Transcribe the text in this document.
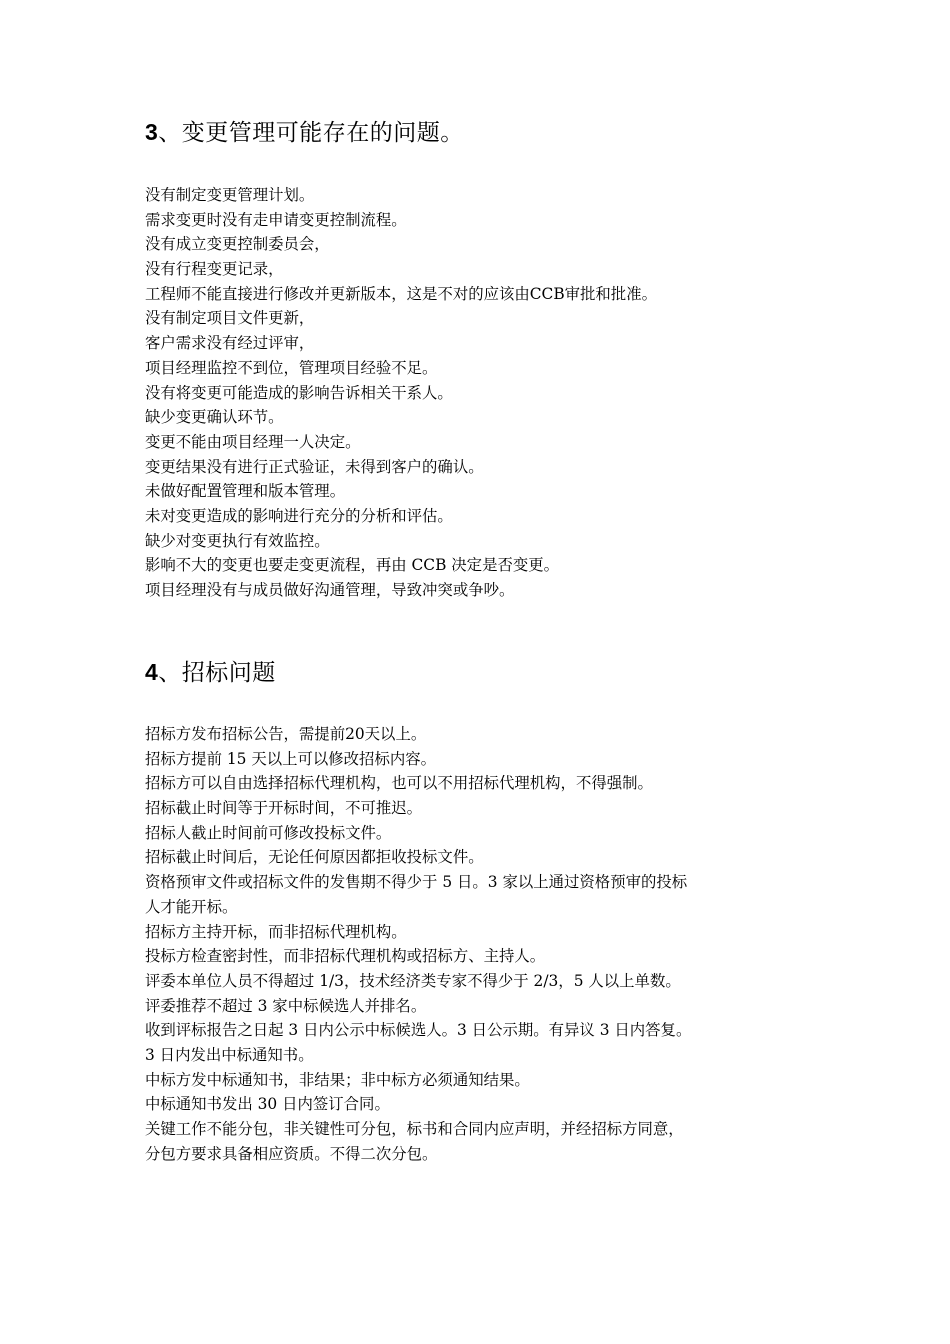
3、变更管理可能存在的问题。
没有制定变更管理计划。
需求变更时没有走申请变更控制流程。
没有成立变更控制委员会，
没有行程变更记录，
工程师不能直接进行修改并更新版本，这是不对的应该由CCB审批和批准。
没有制定项目文件更新，
客户需求没有经过评审，
项目经理监控不到位，管理项目经验不足。
没有将变更可能造成的影响告诉相关干系人。
缺少变更确认环节。
变更不能由项目经理一人决定。
变更结果没有进行正式验证，未得到客户的确认。
未做好配置管理和版本管理。
未对变更造成的影响进行充分的分析和评估。
缺少对变更执行有效监控。
影响不大的变更也要走变更流程，再由 CCB 决定是否变更。
项目经理没有与成员做好沟通管理，导致冲突或争吵。
4、招标问题
招标方发布招标公告，需提前20天以上。
招标方提前 15 天以上可以修改招标内容。
招标方可以自由选择招标代理机构，也可以不用招标代理机构，不得强制。
招标截止时间等于开标时间，不可推迟。
招标人截止时间前可修改投标文件。
招标截止时间后，无论任何原因都拒收投标文件。
资格预审文件或招标文件的发售期不得少于 5 日。3 家以上通过资格预审的投标
人才能开标。
招标方主持开标，而非招标代理机构。
投标方检查密封性，而非招标代理机构或招标方、主持人。
评委本单位人员不得超过 1/3，技术经济类专家不得少于 2/3，5 人以上单数。
评委推荐不超过 3 家中标候选人并排名。
收到评标报告之日起 3 日内公示中标候选人。3 日公示期。有异议 3 日内答复。
3 日内发出中标通知书。
中标方发中标通知书，非结果；非中标方必须通知结果。
中标通知书发出 30 日内签订合同。
关键工作不能分包，非关键性可分包，标书和合同内应声明，并经招标方同意，
分包方要求具备相应资质。不得二次分包。
